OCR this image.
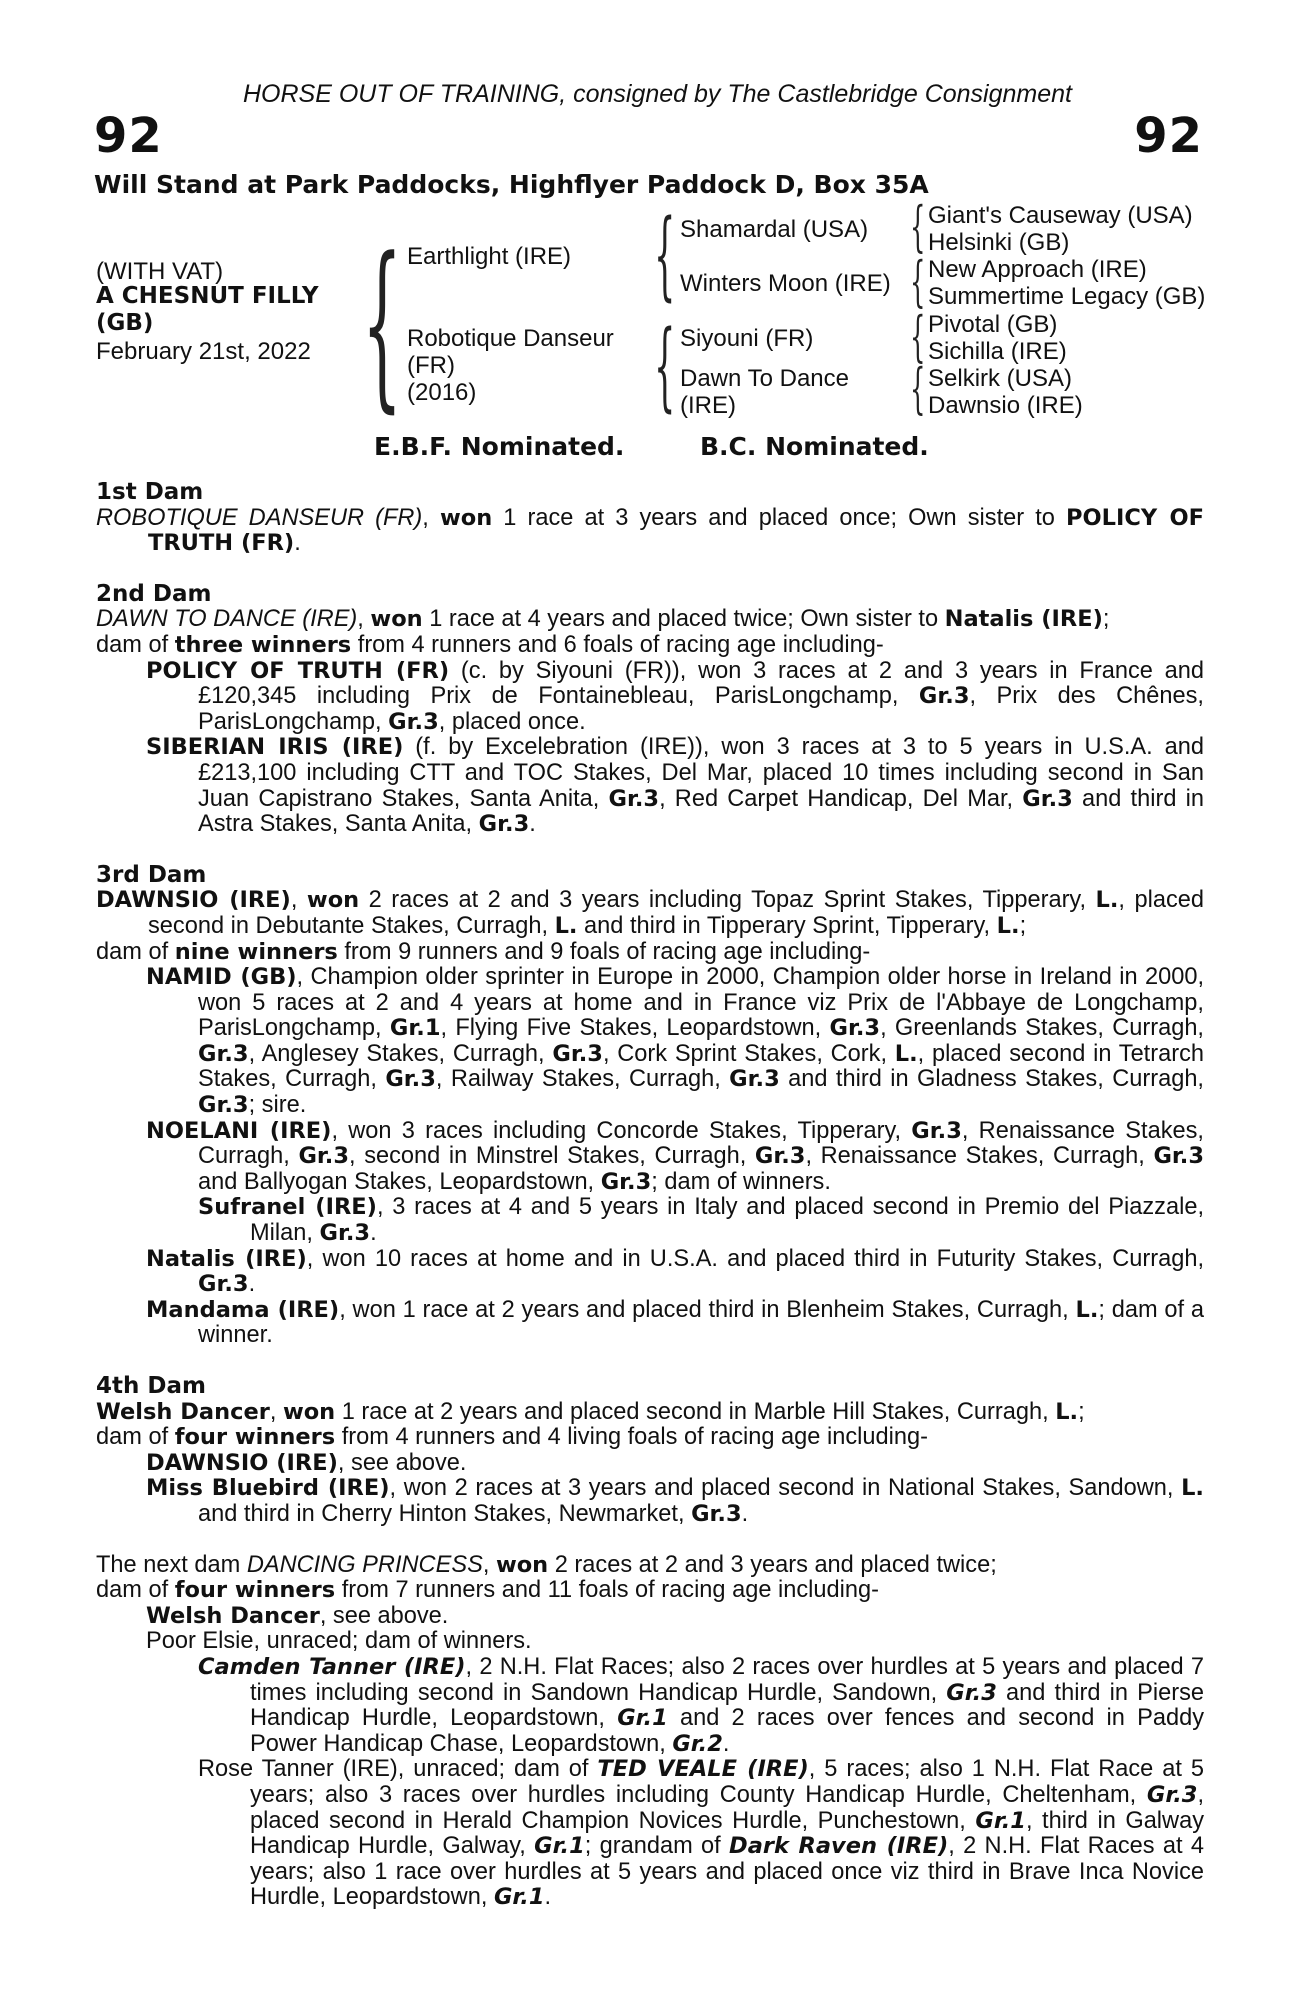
HORSE OUT OF TRAINING, consigned by The Castlebridge Consignment
92	92
Will Stand at Park Paddocks, Highflyer Paddock D, Box 35A
(WITH VAT)
A CHESNUT FILLY
(GB)
February 21st, 2022 { Earthlight (IRE)
Robotique Danseur
(FR)
(2016)
{
{
Shamardal (USA)
Winters Moon (IRE)
Siyouni (FR)
Dawn To Dance
(IRE)
{
{
{
{
Giant's Causeway (USA)
Helsinki (GB)
New Approach (IRE)
Summertime Legacy (GB)
Pivotal (GB)
Sichilla (IRE)
Selkirk (USA)
Dawnsio (IRE)
E.B.F. Nominated.	B.C. Nominated.

1st Dam

ROBOTIQUE DANSEUR (FR), won 1 race at 3 years and placed once; Own sister to POLICY OF TRUTH (FR).

2nd Dam

DAWN TO DANCE (IRE), won 1 race at 4 years and placed twice; Own sister to Natalis (IRE);

dam of three winners from 4 runners and 6 foals of racing age including-

POLICY OF TRUTH (FR) (c. by Siyouni (FR)), won 3 races at 2 and 3 years in France and £120,345 including Prix de Fontainebleau, ParisLongchamp, Gr.3, Prix des Chênes, ParisLongchamp, Gr.3, placed once.

SIBERIAN IRIS (IRE) (f. by Excelebration (IRE)), won 3 races at 3 to 5 years in U.S.A. and £213,100 including CTT and TOC Stakes, Del Mar, placed 10 times including second in San Juan Capistrano Stakes, Santa Anita, Gr.3, Red Carpet Handicap, Del Mar, Gr.3 and third in Astra Stakes, Santa Anita, Gr.3.

3rd Dam

DAWNSIO (IRE), won 2 races at 2 and 3 years including Topaz Sprint Stakes, Tipperary, L., placed second in Debutante Stakes, Curragh, L. and third in Tipperary Sprint, Tipperary, L.;

dam of nine winners from 9 runners and 9 foals of racing age including-

NAMID (GB), Champion older sprinter in Europe in 2000, Champion older horse in Ireland in 2000, won 5 races at 2 and 4 years at home and in France viz Prix de l'Abbaye de Longchamp, ParisLongchamp, Gr.1, Flying Five Stakes, Leopardstown, Gr.3, Greenlands Stakes, Curragh, Gr.3, Anglesey Stakes, Curragh, Gr.3, Cork Sprint Stakes, Cork, L., placed second in Tetrarch Stakes, Curragh, Gr.3, Railway Stakes, Curragh, Gr.3 and third in Gladness Stakes, Curragh, Gr.3; sire.

NOELANI (IRE), won 3 races including Concorde Stakes, Tipperary, Gr.3, Renaissance Stakes, Curragh, Gr.3, second in Minstrel Stakes, Curragh, Gr.3, Renaissance Stakes, Curragh, Gr.3 and Ballyogan Stakes, Leopardstown, Gr.3; dam of winners.

Sufranel (IRE), 3 races at 4 and 5 years in Italy and placed second in Premio del Piazzale, Milan, Gr.3.

Natalis (IRE), won 10 races at home and in U.S.A. and placed third in Futurity Stakes, Curragh, Gr.3.

Mandama (IRE), won 1 race at 2 years and placed third in Blenheim Stakes, Curragh, L.; dam of a winner.

4th Dam

Welsh Dancer, won 1 race at 2 years and placed second in Marble Hill Stakes, Curragh, L.;

dam of four winners from 4 runners and 4 living foals of racing age including-

DAWNSIO (IRE), see above.

Miss Bluebird (IRE), won 2 races at 3 years and placed second in National Stakes, Sandown, L. and third in Cherry Hinton Stakes, Newmarket, Gr.3.

The next dam DANCING PRINCESS, won 2 races at 2 and 3 years and placed twice;

dam of four winners from 7 runners and 11 foals of racing age including-

Welsh Dancer, see above.

Poor Elsie, unraced; dam of winners.

Camden Tanner (IRE), 2 N.H. Flat Races; also 2 races over hurdles at 5 years and placed 7 times including second in Sandown Handicap Hurdle, Sandown, Gr.3 and third in Pierse Handicap Hurdle, Leopardstown, Gr.1 and 2 races over fences and second in Paddy Power Handicap Chase, Leopardstown, Gr.2.

Rose Tanner (IRE), unraced; dam of TED VEALE (IRE), 5 races; also 1 N.H. Flat Race at 5 years; also 3 races over hurdles including County Handicap Hurdle, Cheltenham, Gr.3, placed second in Herald Champion Novices Hurdle, Punchestown, Gr.1, third in Galway Handicap Hurdle, Galway, Gr.1; grandam of Dark Raven (IRE), 2 N.H. Flat Races at 4 years; also 1 race over hurdles at 5 years and placed once viz third in Brave Inca Novice Hurdle, Leopardstown, Gr.1.
